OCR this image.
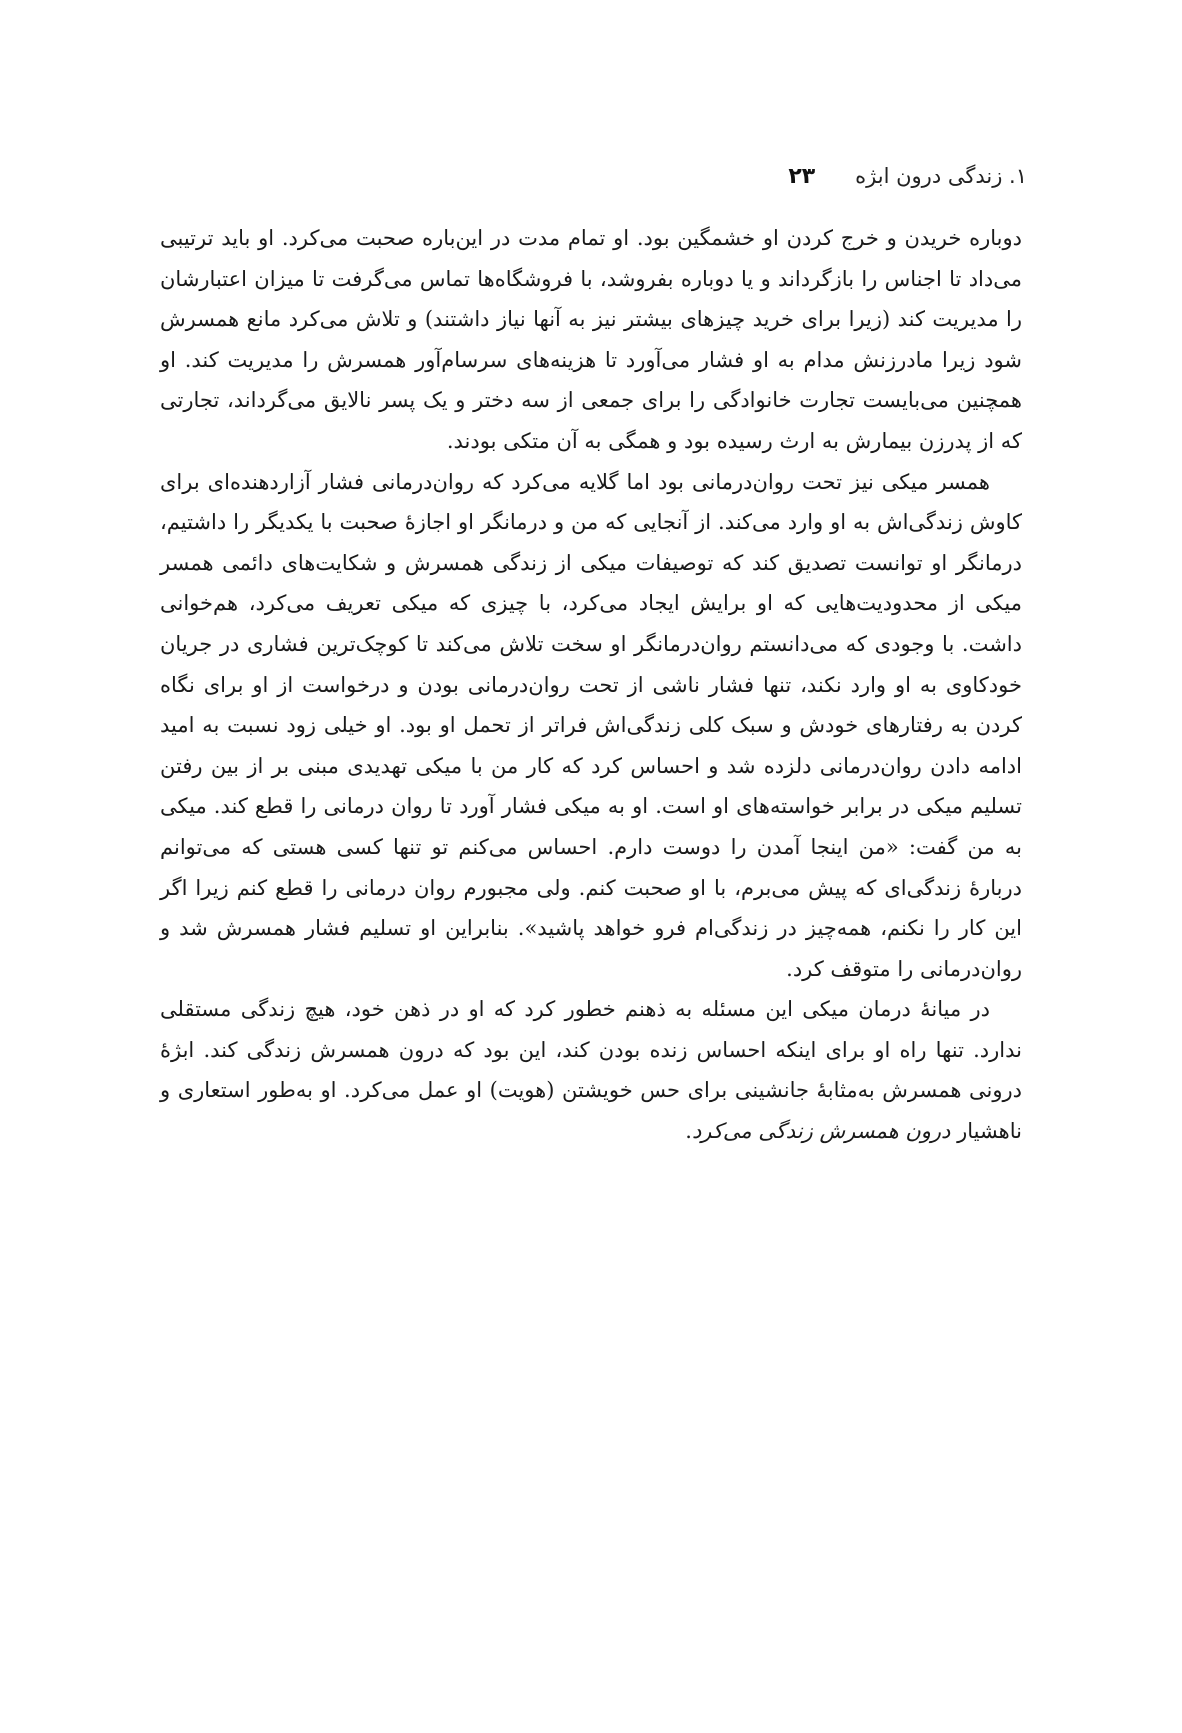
۱. زندگی درون ابژه
۲۳

دوباره خریدن و خرج کردن او خشمگین بود. او تمام مدت در این‌باره صحبت می‌کرد. او باید ترتیبی می‌داد تا اجناس را بازگرداند و یا دوباره بفروشد، با فروشگاه‌ها تماس می‌گرفت تا میزان اعتبارشان را مدیریت کند (زیرا برای خرید چیزهای بیشتر نیز به آنها نیاز داشتند) و تلاش می‌کرد مانع همسرش شود زیرا مادرزنش مدام به او فشار می‌آورد تا هزینه‌های سرسام‌آور همسرش را مدیریت کند. او همچنین می‌بایست تجارت خانوادگی را برای جمعی از سه دختر و یک پسر نالایق می‌گرداند، تجارتی که از پدرزن بیمارش به ارث رسیده بود و همگی به آن متکی بودند.

همسر میکی نیز تحت روان‌درمانی بود اما گلایه می‌کرد که روان‌درمانی فشار آزاردهنده‌ای برای کاوش زندگی‌اش به او وارد می‌کند. از آنجایی که من و درمانگر او اجازهٔ صحبت با یکدیگر را داشتیم، درمانگر او توانست تصدیق کند که توصیفات میکی از زندگی همسرش و شکایت‌های دائمی همسر میکی از محدودیت‌هایی که او برایش ایجاد می‌کرد، با چیزی که میکی تعریف می‌کرد، هم‌خوانی داشت. با وجودی که می‌دانستم روان‌درمانگر او سخت تلاش می‌کند تا کوچک‌ترین فشاری در جریان خودکاوی به او وارد نکند، تنها فشار ناشی از تحت روان‌درمانی بودن و درخواست از او برای نگاه کردن به رفتارهای خودش و سبک کلی زندگی‌اش فراتر از تحمل او بود. او خیلی زود نسبت به امید ادامه دادن روان‌درمانی دلزده شد و احساس کرد که کار من با میکی تهدیدی مبنی بر از بین رفتن تسلیم میکی در برابر خواسته‌های او است. او به میکی فشار آورد تا روان درمانی را قطع کند. میکی به من گفت: «من اینجا آمدن را دوست دارم. احساس می‌کنم تو تنها کسی هستی که می‌توانم دربارهٔ زندگی‌ای که پیش می‌برم، با او صحبت کنم. ولی مجبورم روان درمانی را قطع کنم زیرا اگر این کار را نکنم، همه‌چیز در زندگی‌ام فرو خواهد پاشید». بنابراین او تسلیم فشار همسرش شد و روان‌درمانی را متوقف کرد.

در میانهٔ درمان میکی این مسئله به ذهنم خطور کرد که او در ذهن خود، هیچ زندگی مستقلی ندارد. تنها راه او برای اینکه احساس زنده بودن کند، این بود که درون همسرش زندگی کند. ابژهٔ درونی همسرش به‌مثابهٔ جانشینی برای حس خویشتن (هویت) او عمل می‌کرد. او به‌طور استعاری و ناهشیار درون همسرش زندگی می‌کرد.
